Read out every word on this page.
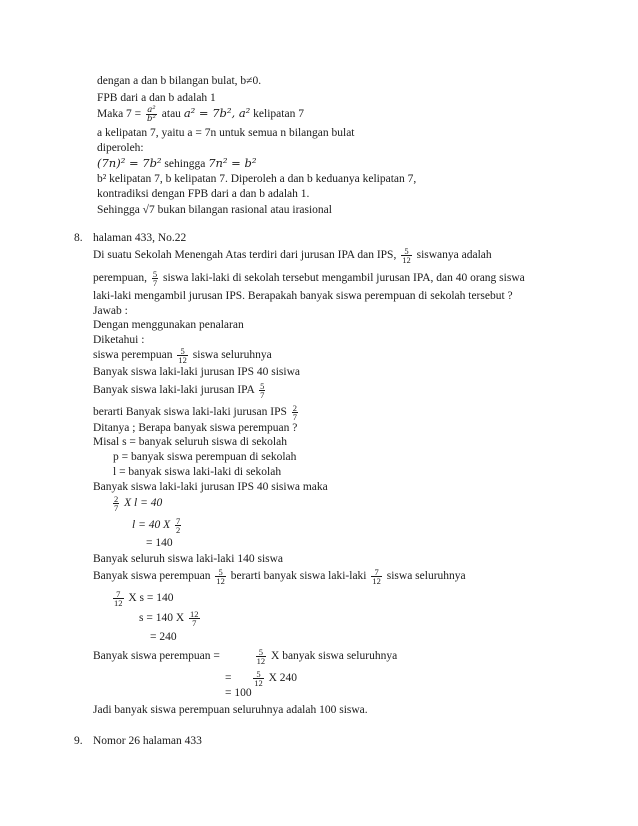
dengan a dan b bilangan bulat, b≠0.
FPB dari a dan b adalah 1
Maka $7 = \frac{\text{a²}}{\text{b²}}$ atau a² = 7b², a² kelipatan 7
a kelipatan 7, yaitu a = 7n untuk semua n bilangan bulat
diperoleh:
(7n)² = 7b² sehingga 7n² = b²
b² kelipatan 7, b kelipatan 7. Diperoleh a dan b keduanya kelipatan 7,
kontradiksi dengan FPB dari a dan b adalah 1.
Sehingga √7 bukan bilangan rasional atau irasional
8. halaman 433, No.22
Di suatu Sekolah Menengah Atas terdiri dari jurusan IPA dan IPS, $\frac{5}{12}$ siswanya adalah
perempuan, $\frac{5}{7}$ siswa laki-laki di sekolah tersebut mengambil jurusan IPA, dan 40 orang siswa
laki-laki mengambil jurusan IPS. Berapakah banyak siswa perempuan di sekolah tersebut ?
Jawab :
Dengan menggunakan penalaran
Diketahui :
siswa perempuan $\frac{5}{12}$ siswa seluruhnya
Banyak siswa laki-laki jurusan IPS 40 sisiwa
Banyak siswa laki-laki jurusan IPA $\frac{5}{7}$
berarti Banyak siswa laki-laki jurusan IPS $\frac{2}{7}$
Ditanya ; Berapa banyak siswa perempuan ?
Misal s = banyak seluruh siswa di sekolah
p = banyak siswa perempuan di sekolah
l = banyak siswa laki-laki di sekolah
Banyak siswa laki-laki jurusan IPS 40 sisiwa maka
$\frac{2}{7}$ X l = 40
l = 40 X $\frac{7}{2}$
= 140
Banyak seluruh siswa laki-laki 140 siswa
Banyak siswa perempuan $\frac{5}{12}$ berarti banyak siswa laki-laki $\frac{7}{12}$ siswa seluruhnya
$\frac{7}{12}$ X s = 140
s = 140 X $\frac{12}{7}$
= 240
Banyak siswa perempuan =	$\frac{5}{12}$ X banyak siswa seluruhnya
=	$\frac{5}{12}$ X 240
= 100
Jadi banyak siswa perempuan seluruhnya adalah 100 siswa.
9. Nomor 26 halaman 433
